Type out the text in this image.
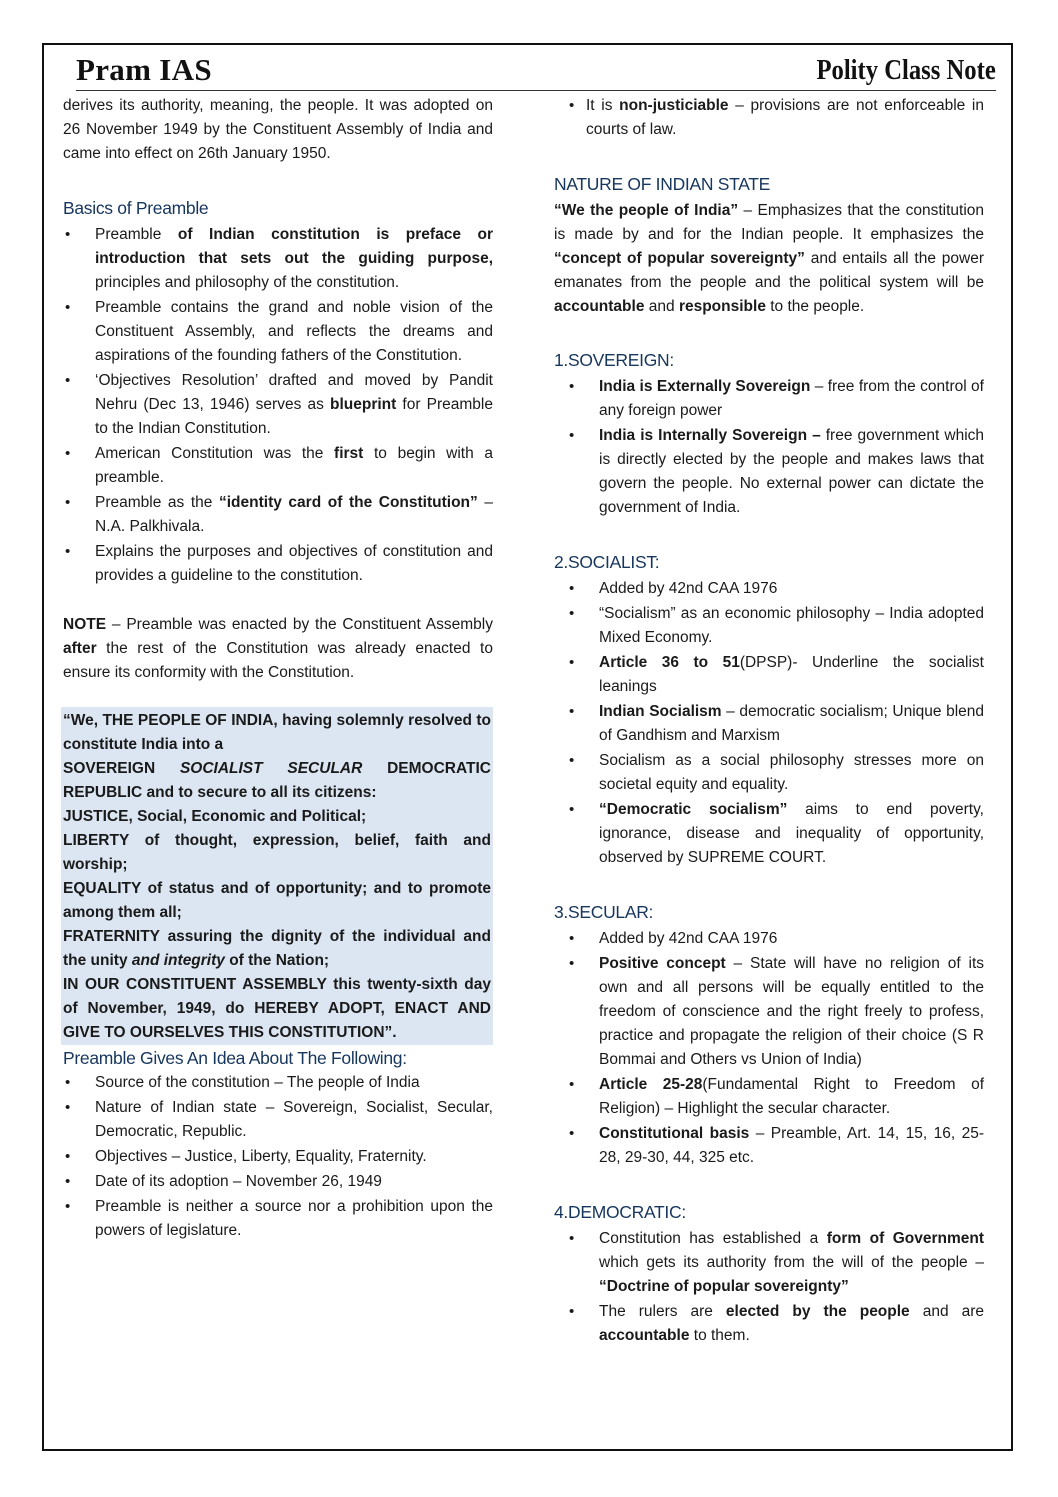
Pram IAS	Polity Class Note

derives its authority, meaning, the people. It was adopted on 26 November 1949 by the Constituent Assembly of India and came into effect on 26th January 1950.

Basics of Preamble
• Preamble of Indian constitution is preface or introduction that sets out the guiding purpose, principles and philosophy of the constitution.
• Preamble contains the grand and noble vision of the Constituent Assembly, and reflects the dreams and aspirations of the founding fathers of the Constitution.
• ‘Objectives Resolution’ drafted and moved by Pandit Nehru (Dec 13, 1946) serves as blueprint for Preamble to the Indian Constitution.
• American Constitution was the first to begin with a preamble.
• Preamble as the “identity card of the Constitution” – N.A. Palkhivala.
• Explains the purposes and objectives of constitution and provides a guideline to the constitution.

NOTE – Preamble was enacted by the Constituent Assembly after the rest of the Constitution was already enacted to ensure its conformity with the Constitution.

“We, THE PEOPLE OF INDIA, having solemnly resolved to constitute India into a

SOVEREIGN SOCIALIST SECULAR DEMOCRATIC REPUBLIC and to secure to all its citizens:

JUSTICE, Social, Economic and Political;

LIBERTY of thought, expression, belief, faith and worship;

EQUALITY of status and of opportunity; and to promote among them all;

FRATERNITY assuring the dignity of the individual and the unity and integrity of the Nation;

IN OUR CONSTITUENT ASSEMBLY this twenty-sixth day of November, 1949, do HEREBY ADOPT, ENACT AND GIVE TO OURSELVES THIS CONSTITUTION”.

Preamble Gives An Idea About The Following:
• Source of the constitution – The people of India
• Nature of Indian state – Sovereign, Socialist, Secular, Democratic, Republic.
• Objectives – Justice, Liberty, Equality, Fraternity.
• Date of its adoption – November 26, 1949
• Preamble is neither a source nor a prohibition upon the powers of legislature.
• It is non-justiciable – provisions are not enforceable in courts of law.
NATURE OF INDIAN STATE

“We the people of India” – Emphasizes that the constitution is made by and for the Indian people. It emphasizes the “concept of popular sovereignty” and entails all the power emanates from the people and the political system will be accountable and responsible to the people.

1.SOVEREIGN:
• India is Externally Sovereign – free from the control of any foreign power
• India is Internally Sovereign – free government which is directly elected by the people and makes laws that govern the people. No external power can dictate the government of India.
2.SOCIALIST:
• Added by 42nd CAA 1976
• “Socialism” as an economic philosophy – India adopted Mixed Economy.
• Article 36 to 51(DPSP)- Underline the socialist leanings
• Indian Socialism – democratic socialism; Unique blend of Gandhism and Marxism
• Socialism as a social philosophy stresses more on societal equity and equality.
• “Democratic socialism” aims to end poverty, ignorance, disease and inequality of opportunity, observed by SUPREME COURT.
3.SECULAR:
• Added by 42nd CAA 1976
• Positive concept – State will have no religion of its own and all persons will be equally entitled to the freedom of conscience and the right freely to profess, practice and propagate the religion of their choice (S R Bommai and Others vs Union of India)
• Article 25-28(Fundamental Right to Freedom of Religion) – Highlight the secular character.
• Constitutional basis – Preamble, Art. 14, 15, 16, 25-28, 29-30, 44, 325 etc.
4.DEMOCRATIC:
• Constitution has established a form of Government which gets its authority from the will of the people – “Doctrine of popular sovereignty”
• The rulers are elected by the people and are accountable to them.
